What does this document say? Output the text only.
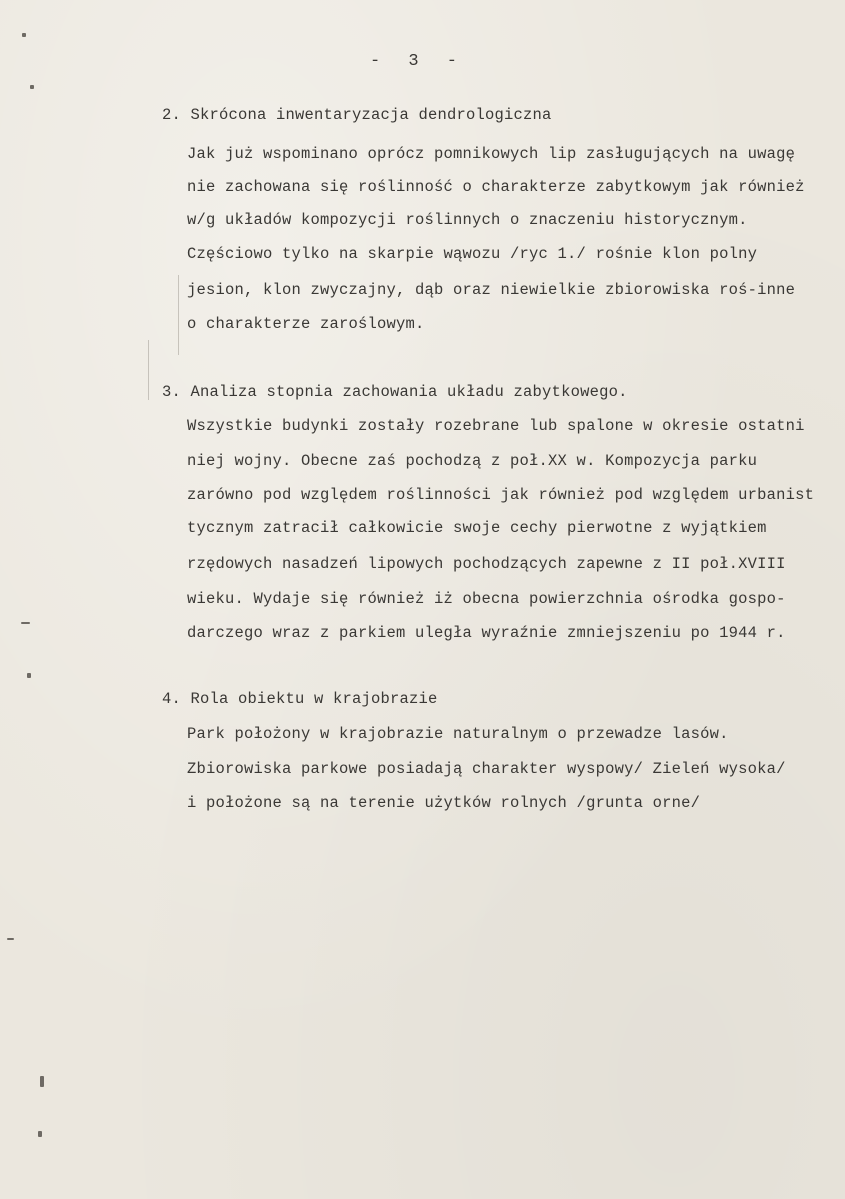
- 3 -
2. Skrócona inwentaryzacja dendrologiczna
Jak już wspominano oprócz pomnikowych lip zasługujących na uwagę
nie zachowana się roślinność o charakterze zabytkowym jak również
w/g układów kompozycji roślinnych o znaczeniu historycznym.
Częściowo tylko na skarpie wąwozu /ryc 1./ rośnie klon polny
jesion, klon zwyczajny, dąb oraz niewielkie zbiorowiska roś-inne
o charakterze zaroślowym.
3. Analiza stopnia zachowania układu zabytkowego.
Wszystkie budynki zostały rozebrane lub spalone w okresie ostatni
niej wojny. Obecne zaś pochodzą z poł.XX w. Kompozycja parku
zarówno pod względem roślinności jak również pod względem urbanist
tycznym zatracił całkowicie swoje cechy pierwotne z wyjątkiem
rzędowych nasadzeń lipowych pochodzących zapewne z II poł.XVIII
wieku. Wydaje się również iż obecna powierzchnia ośrodka gospo-
darczego wraz z parkiem uległa wyraźnie zmniejszeniu po 1944 r.
4. Rola obiektu w krajobrazie
Park położony w krajobrazie naturalnym o przewadze lasów.
Zbiorowiska parkowe posiadają charakter wyspowy/ Zieleń wysoka/
i położone są na terenie użytków rolnych /grunta orne/
